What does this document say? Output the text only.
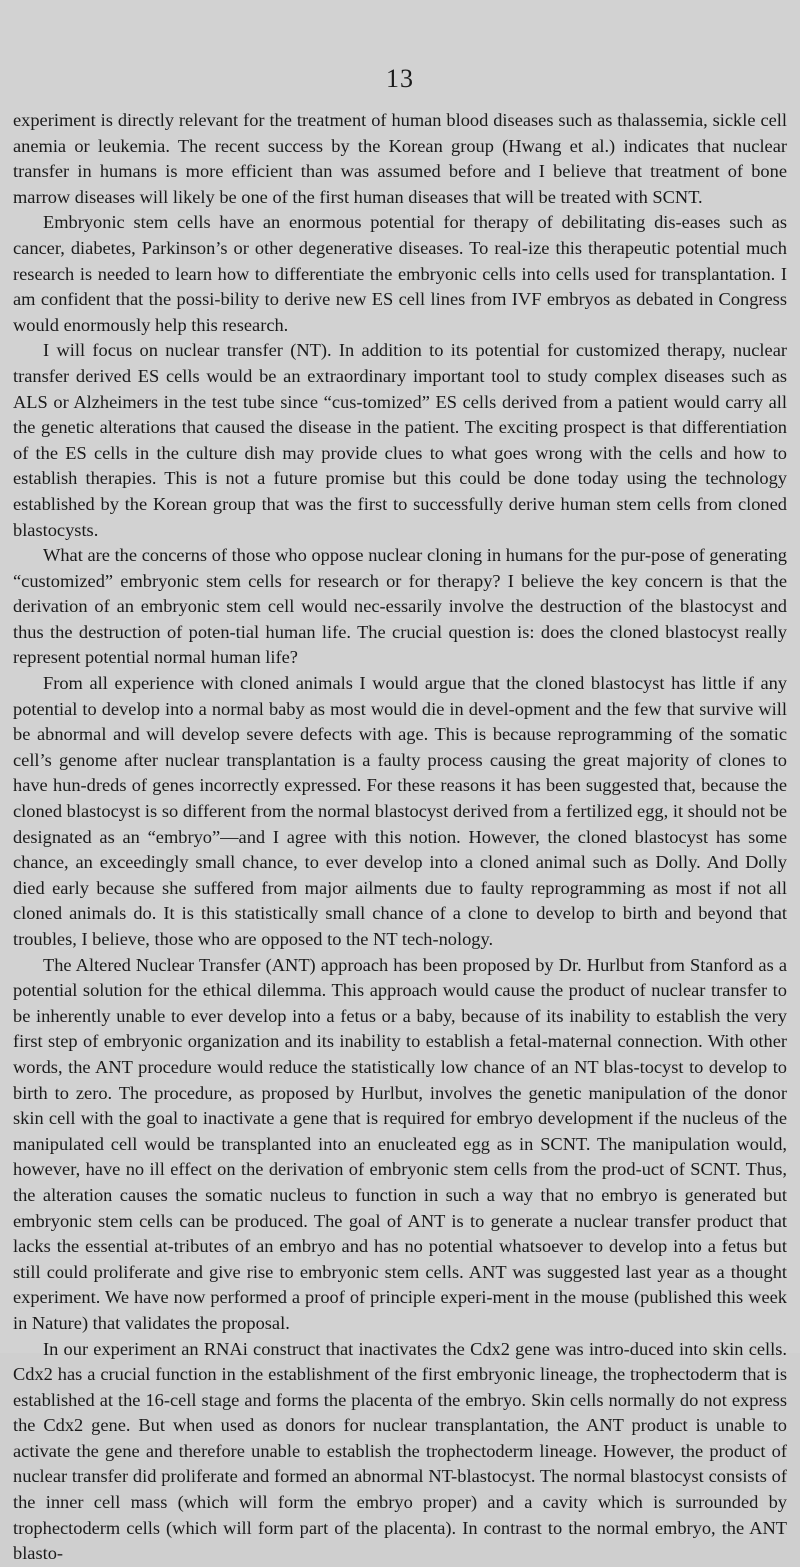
13

experiment is directly relevant for the treatment of human blood diseases such as thalassemia, sickle cell anemia or leukemia. The recent success by the Korean group (Hwang et al.) indicates that nuclear transfer in humans is more efficient than was assumed before and I believe that treatment of bone marrow diseases will likely be one of the first human diseases that will be treated with SCNT.

Embryonic stem cells have an enormous potential for therapy of debilitating dis-eases such as cancer, diabetes, Parkinson’s or other degenerative diseases. To real-ize this therapeutic potential much research is needed to learn how to differentiate the embryonic cells into cells used for transplantation. I am confident that the possi-bility to derive new ES cell lines from IVF embryos as debated in Congress would enormously help this research.

I will focus on nuclear transfer (NT). In addition to its potential for customized therapy, nuclear transfer derived ES cells would be an extraordinary important tool to study complex diseases such as ALS or Alzheimers in the test tube since “cus-tomized” ES cells derived from a patient would carry all the genetic alterations that caused the disease in the patient. The exciting prospect is that differentiation of the ES cells in the culture dish may provide clues to what goes wrong with the cells and how to establish therapies. This is not a future promise but this could be done today using the technology established by the Korean group that was the first to successfully derive human stem cells from cloned blastocysts.

What are the concerns of those who oppose nuclear cloning in humans for the pur-pose of generating “customized” embryonic stem cells for research or for therapy? I believe the key concern is that the derivation of an embryonic stem cell would nec-essarily involve the destruction of the blastocyst and thus the destruction of poten-tial human life. The crucial question is: does the cloned blastocyst really represent potential normal human life?

From all experience with cloned animals I would argue that the cloned blastocyst has little if any potential to develop into a normal baby as most would die in devel-opment and the few that survive will be abnormal and will develop severe defects with age. This is because reprogramming of the somatic cell’s genome after nuclear transplantation is a faulty process causing the great majority of clones to have hun-dreds of genes incorrectly expressed. For these reasons it has been suggested that, because the cloned blastocyst is so different from the normal blastocyst derived from a fertilized egg, it should not be designated as an “embryo”—and I agree with this notion. However, the cloned blastocyst has some chance, an exceedingly small chance, to ever develop into a cloned animal such as Dolly. And Dolly died early because she suffered from major ailments due to faulty reprogramming as most if not all cloned animals do. It is this statistically small chance of a clone to develop to birth and beyond that troubles, I believe, those who are opposed to the NT tech-nology.

The Altered Nuclear Transfer (ANT) approach has been proposed by Dr. Hurlbut from Stanford as a potential solution for the ethical dilemma. This approach would cause the product of nuclear transfer to be inherently unable to ever develop into a fetus or a baby, because of its inability to establish the very first step of embryonic organization and its inability to establish a fetal-maternal connection. With other words, the ANT procedure would reduce the statistically low chance of an NT blas-tocyst to develop to birth to zero. The procedure, as proposed by Hurlbut, involves the genetic manipulation of the donor skin cell with the goal to inactivate a gene that is required for embryo development if the nucleus of the manipulated cell would be transplanted into an enucleated egg as in SCNT. The manipulation would, however, have no ill effect on the derivation of embryonic stem cells from the prod-uct of SCNT. Thus, the alteration causes the somatic nucleus to function in such a way that no embryo is generated but embryonic stem cells can be produced. The goal of ANT is to generate a nuclear transfer product that lacks the essential at-tributes of an embryo and has no potential whatsoever to develop into a fetus but still could proliferate and give rise to embryonic stem cells. ANT was suggested last year as a thought experiment. We have now performed a proof of principle experi-ment in the mouse (published this week in Nature) that validates the proposal.

In our experiment an RNAi construct that inactivates the Cdx2 gene was intro-duced into skin cells. Cdx2 has a crucial function in the establishment of the first embryonic lineage, the trophectoderm that is established at the 16-cell stage and forms the placenta of the embryo. Skin cells normally do not express the Cdx2 gene. But when used as donors for nuclear transplantation, the ANT product is unable to activate the gene and therefore unable to establish the trophectoderm lineage. However, the product of nuclear transfer did proliferate and formed an abnormal NT-blastocyst. The normal blastocyst consists of the inner cell mass (which will form the embryo proper) and a cavity which is surrounded by trophectoderm cells (which will form part of the placenta). In contrast to the normal embryo, the ANT blasto-
